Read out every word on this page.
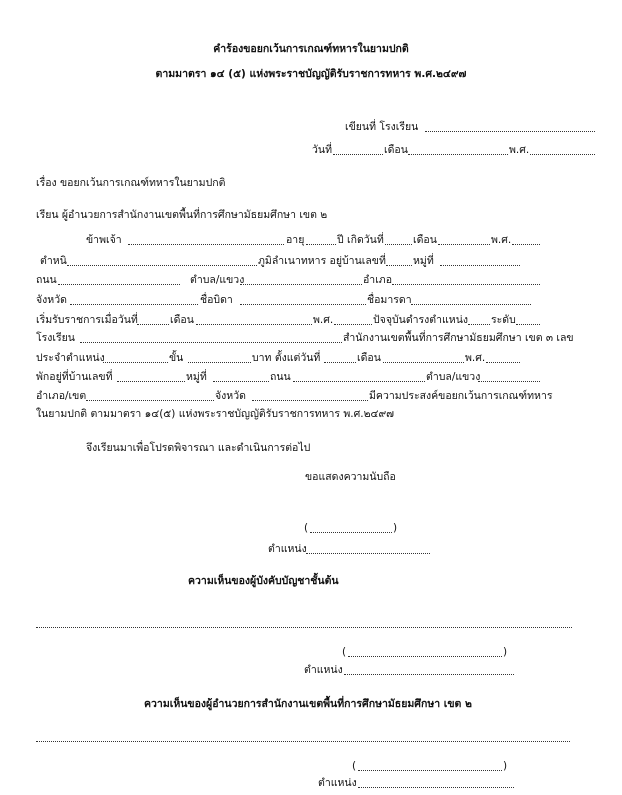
คำร้องขอยกเว้นการเกณฑ์ทหารในยามปกติ
ตามมาตรา ๑๔ (๕) แห่งพระราชบัญญัติรับราชการทหาร พ.ศ.๒๔๙๗
เขียนที่ โรงเรียน
วันที่	เดือน	พ.ศ.
เรื่อง ขอยกเว้นการเกณฑ์ทหารในยามปกติ
เรียน ผู้อำนวยการสำนักงานเขตพื้นที่การศึกษามัธยมศึกษา เขต ๒
ข้าพเจ้า	อายุ	ปี เกิดวันที่	เดือน	พ.ศ.
ตำหนิ	ภูมิลำเนาทหาร อยู่บ้านเลขที่	หมู่ที่
ถนน	ตำบล/แขวง	อำเภอ
จังหวัด	ชื่อบิดา	ชื่อมารดา
เริ่มรับราชการเมื่อวันที่	เดือน	พ.ศ.	ปัจจุบันดำรงตำแหน่ง ระดับ
โรงเรียน	สำนักงานเขตพื้นที่การศึกษามัธยมศึกษา เขต ๓ เลข
ประจำตำแหน่ง	ขั้น	บาท ตั้งแต่วันที่	เดือน	พ.ศ.
พักอยู่ที่บ้านเลขที่	หมู่ที่	ถนน	ตำบล/แขวง
อำเภอ/เขต	จังหวัด	มีความประสงค์ขอยกเว้นการเกณฑ์ทหาร
ในยามปกติ ตามมาตรา ๑๔(๕) แห่งพระราชบัญญัติรับราชการทหาร พ.ศ.๒๔๙๗
จึงเรียนมาเพื่อโปรดพิจารณา และดำเนินการต่อไป
ขอแสดงความนับถือ
(	)
ตำแหน่ง
ความเห็นของผู้บังคับบัญชาชั้นต้น
(	)
ตำแหน่ง
ความเห็นของผู้อำนวยการสำนักงานเขตพื้นที่การศึกษามัธยมศึกษา เขต ๒
(	)
ตำแหน่ง
